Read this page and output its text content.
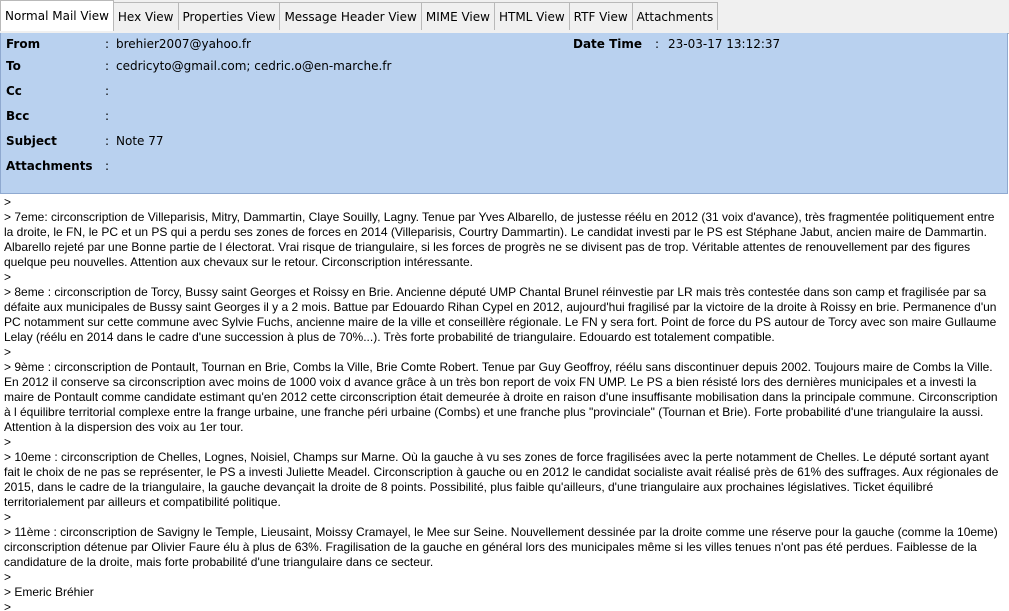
Normal Mail View Hex View Properties View Message Header View MIME View HTML View RTF View Attachments
From	: brehier2007@yahoo.fr	Date Time : 23-03-17 13:12:37
To	: cedricyto@gmail.com; cedric.o@en-marche.fr
Cc	:
Bcc	:
Subject	: Note 77
Attachments :
>
> 7eme: circonscription de Villeparisis, Mitry, Dammartin, Claye Souilly, Lagny. Tenue par Yves Albarello, de justesse réélu en 2012 (31 voix d'avance), très fragmentée politiquement entre la droite, le FN, le PC et un PS qui a perdu ses zones de forces en 2014 (Villeparisis, Courtry Dammartin). Le candidat investi par le PS est Stéphane Jabut, ancien maire de Dammartin. Albarello rejeté par une Bonne partie de l électorat. Vrai risque de triangulaire, si les forces de progrès ne se divisent pas de trop. Véritable attentes de renouvellement par des figures quelque peu nouvelles. Attention aux chevaux sur le retour. Circonscription intéressante.
>
> 8eme : circonscription de Torcy, Bussy saint Georges et Roissy en Brie. Ancienne député UMP Chantal Brunel réinvestie par LR mais très contestée dans son camp et fragilisée par sa défaite aux municipales de Bussy saint Georges il y a 2 mois. Battue par Edouardo Rihan Cypel en 2012, aujourd'hui fragilisé par la victoire de la droite à Roissy en brie. Permanence d'un PC notamment sur cette commune avec Sylvie Fuchs, ancienne maire de la ville et conseillère régionale. Le FN y sera fort. Point de force du PS autour de Torcy avec son maire Gullaume Lelay (réélu en 2014 dans le cadre d'une succession à plus de 70%...). Très forte probabilité de triangulaire. Edouardo est totalement compatible.
>
> 9ème : circonscription de Pontault, Tournan en Brie, Combs la Ville, Brie Comte Robert. Tenue par Guy Geoffroy, réélu sans discontinuer depuis 2002. Toujours maire de Combs la Ville. En 2012 il conserve sa circonscription avec moins de 1000 voix d avance grâce à un très bon report de voix FN UMP. Le PS a bien résisté lors des dernières municipales et a investi la maire de Pontault comme candidate estimant qu'en 2012 cette circonscription était demeurée à droite en raison d'une insuffisante mobilisation dans la principale commune. Circonscription à l équilibre territorial complexe entre la frange urbaine, une franche péri urbaine (Combs) et une franche plus "provinciale" (Tournan et Brie). Forte probabilité d'une triangulaire la aussi. Attention à la dispersion des voix au 1er tour.
>
> 10eme : circonscription de Chelles, Lognes, Noisiel, Champs sur Marne. Où la gauche à vu ses zones de force fragilisées avec la perte notamment de Chelles. Le député sortant ayant fait le choix de ne pas se représenter, le PS a investi Juliette Meadel. Circonscription à gauche ou en 2012 le candidat socialiste avait réalisé près de 61% des suffrages. Aux régionales de 2015, dans le cadre de la triangulaire, la gauche devançait la droite de 8 points. Possibilité, plus faible qu'ailleurs, d'une triangulaire aux prochaines législatives. Ticket équilibré territorialement par ailleurs et compatibilité politique.
>
> 11ème : circonscription de Savigny le Temple, Lieusaint, Moissy Cramayel, le Mee sur Seine. Nouvellement dessinée par la droite comme une réserve pour la gauche (comme la 10eme) circonscription détenue par Olivier Faure élu à plus de 63%. Fragilisation de la gauche en général lors des municipales même si les villes tenues n'ont pas été perdues. Faiblesse de la candidature de la droite, mais forte probabilité d'une triangulaire dans ce secteur.
>
> Emeric Bréhier
>
